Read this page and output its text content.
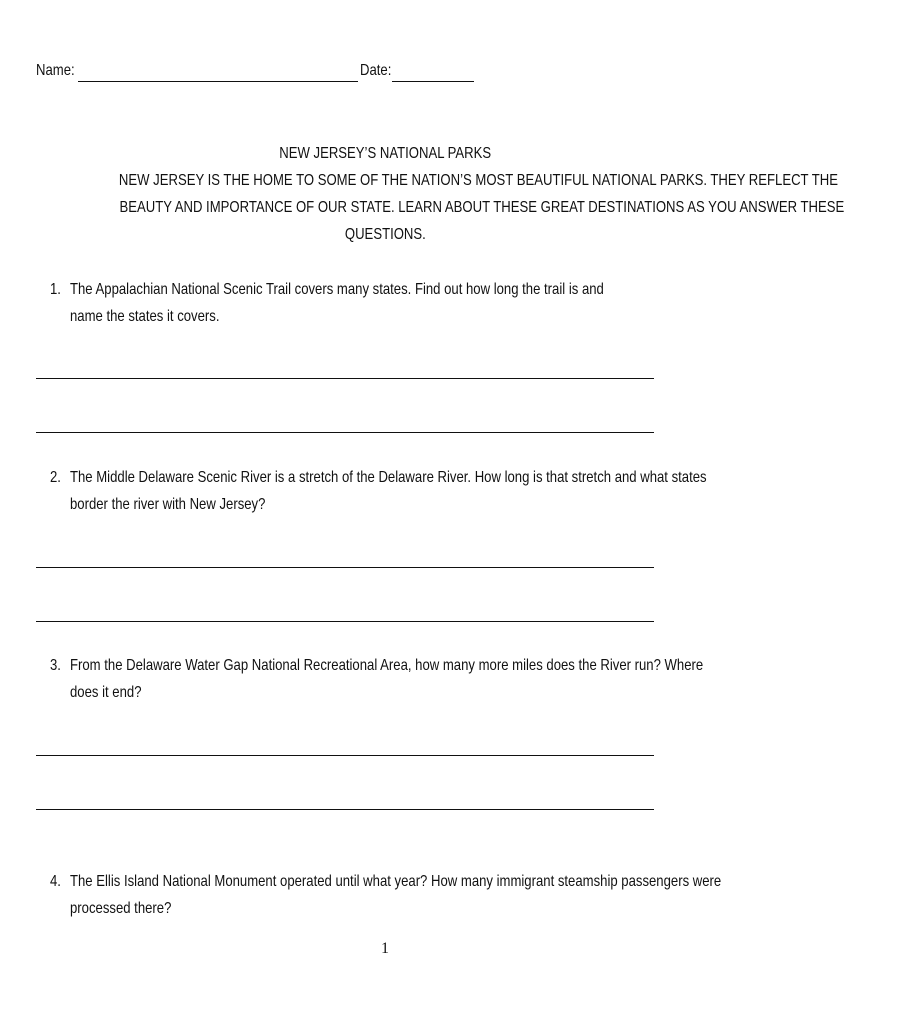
Name:	Date:
NEW JERSEY’S NATIONAL PARKS
NEW JERSEY IS THE HOME TO SOME OF THE NATION’S MOST BEAUTIFUL NATIONAL PARKS. THEY REFLECT THE
BEAUTY AND IMPORTANCE OF OUR STATE. LEARN ABOUT THESE GREAT DESTINATIONS AS YOU ANSWER THESE
QUESTIONS.
1. The Appalachian National Scenic Trail covers many states. Find out how long the trail is and
name the states it covers.
2. The Middle Delaware Scenic River is a stretch of the Delaware River. How long is that stretch and what states
border the river with New Jersey?
3. From the Delaware Water Gap National Recreational Area, how many more miles does the River run? Where
does it end?
4. The Ellis Island National Monument operated until what year? How many immigrant steamship passengers were
processed there?
1
